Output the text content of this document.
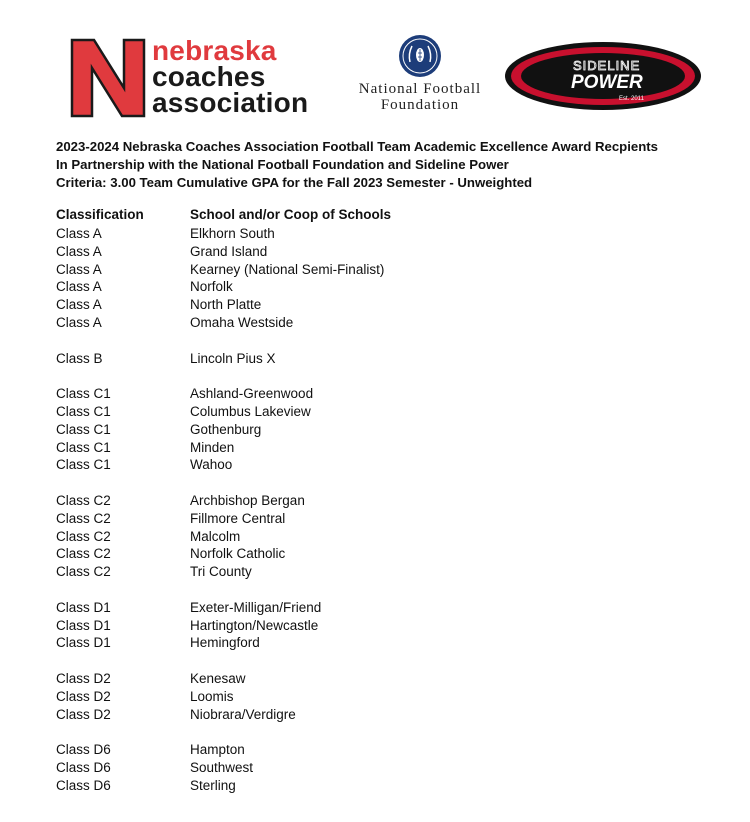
nebraska
coaches
association	National Football
Foundation
SIDELINE
POWER
Est. 2011
2023-2024 Nebraska Coaches Association Football Team Academic Excellence Award Recpients
In Partnership with the National Football Foundation and Sideline Power
Criteria: 3.00 Team Cumulative GPA for the Fall 2023 Semester - Unweighted
Classification	School and/or Coop of Schools
Class A	Elkhorn South
Class A	Grand Island
Class A	Kearney (National Semi-Finalist)
Class A	Norfolk
Class A	North Platte
Class A	Omaha Westside
Class B	Lincoln Pius X
Class C1	Ashland-Greenwood
Class C1	Columbus Lakeview
Class C1	Gothenburg
Class C1	Minden
Class C1	Wahoo
Class C2	Archbishop Bergan
Class C2	Fillmore Central
Class C2	Malcolm
Class C2	Norfolk Catholic
Class C2	Tri County
Class D1	Exeter-Milligan/Friend
Class D1	Hartington/Newcastle
Class D1	Hemingford
Class D2	Kenesaw
Class D2	Loomis
Class D2	Niobrara/Verdigre
Class D6	Hampton
Class D6	Southwest
Class D6	Sterling
